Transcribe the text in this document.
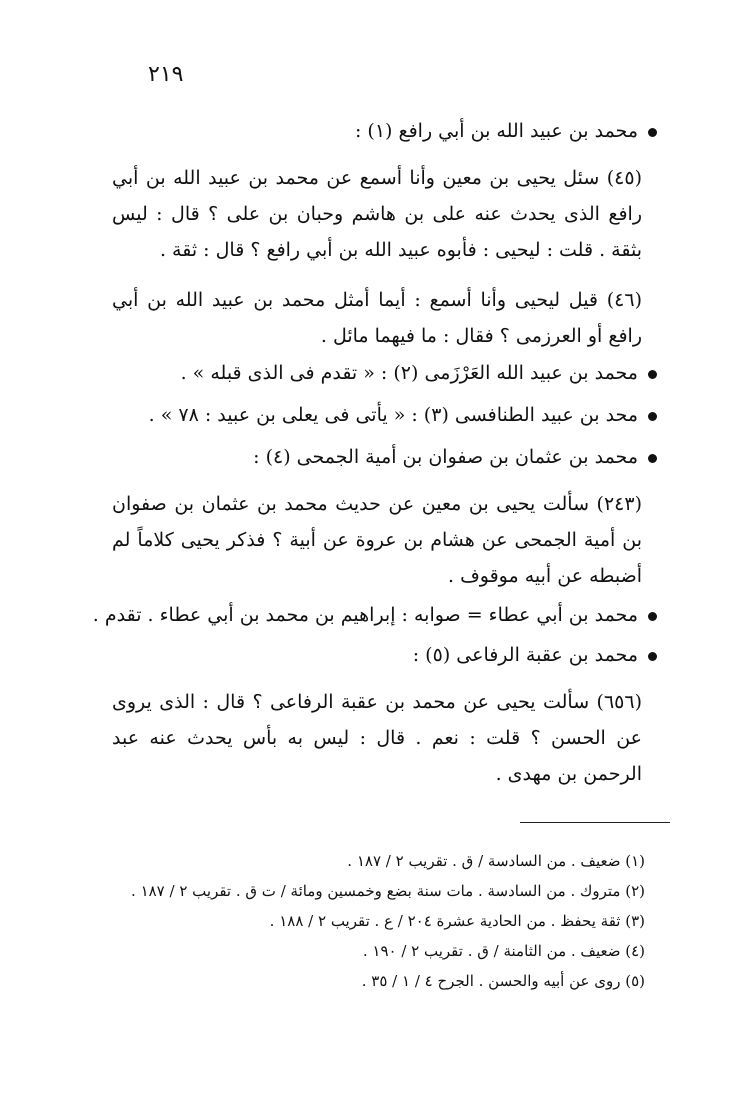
٢١٩
محمد بن عبيد الله بن أبي رافع (١) :
(٤٥) سئل يحيى بن معين وأنا أسمع عن محمد بن عبيد الله بن أبي رافع الذى يحدث عنه على بن هاشم وحبان بن على ؟ قال : ليس بثقة . قلت : ليحيى : فأبوه عبيد الله بن أبي رافع ؟ قال : ثقة .
(٤٦) قيل ليحيى وأنا أسمع : أيما أمثل محمد بن عبيد الله بن أبي رافع أو العرزمى ؟ فقال : ما فيهما مائل .
محمد بن عبيد الله العَرْزَمى (٢) : « تقدم فى الذى قبله » .
محد بن عبيد الطنافسى (٣) : « يأتى فى يعلى بن عبيد : ٧٨ » .
محمد بن عثمان بن صفوان بن أمية الجمحى (٤) :
(٢٤٣) سألت يحيى بن معين عن حديث محمد بن عثمان بن صفوان بن أمية الجمحى عن هشام بن عروة عن أبية ؟ فذكر يحيى كلاماً لم أضبطه عن أبيه موقوف .
محمد بن أبي عطاء = صوابه : إبراهيم بن محمد بن أبي عطاء . تقدم .
محمد بن عقبة الرفاعى (٥) :
(٦٥٦) سألت يحيى عن محمد بن عقبة الرفاعى ؟ قال : الذى يروى عن الحسن ؟ قلت : نعم . قال : ليس به بأس يحدث عنه عبد الرحمن بن مهدى .
(١) ضعيف . من السادسة / ق . تقريب ٢ / ١٨٧ .
(٢) متروك . من السادسة . مات سنة بضع وخمسين ومائة / ت ق . تقريب ٢ / ١٨٧ .
(٣) ثقة يحفظ . من الحادية عشرة ٢٠٤ / ع . تقريب ٢ / ١٨٨ .
(٤) ضعيف . من الثامنة / ق . تقريب ٢ / ١٩٠ .
(٥) روى عن أبيه والحسن . الجرح ٤ / ١ / ٣٥ .
